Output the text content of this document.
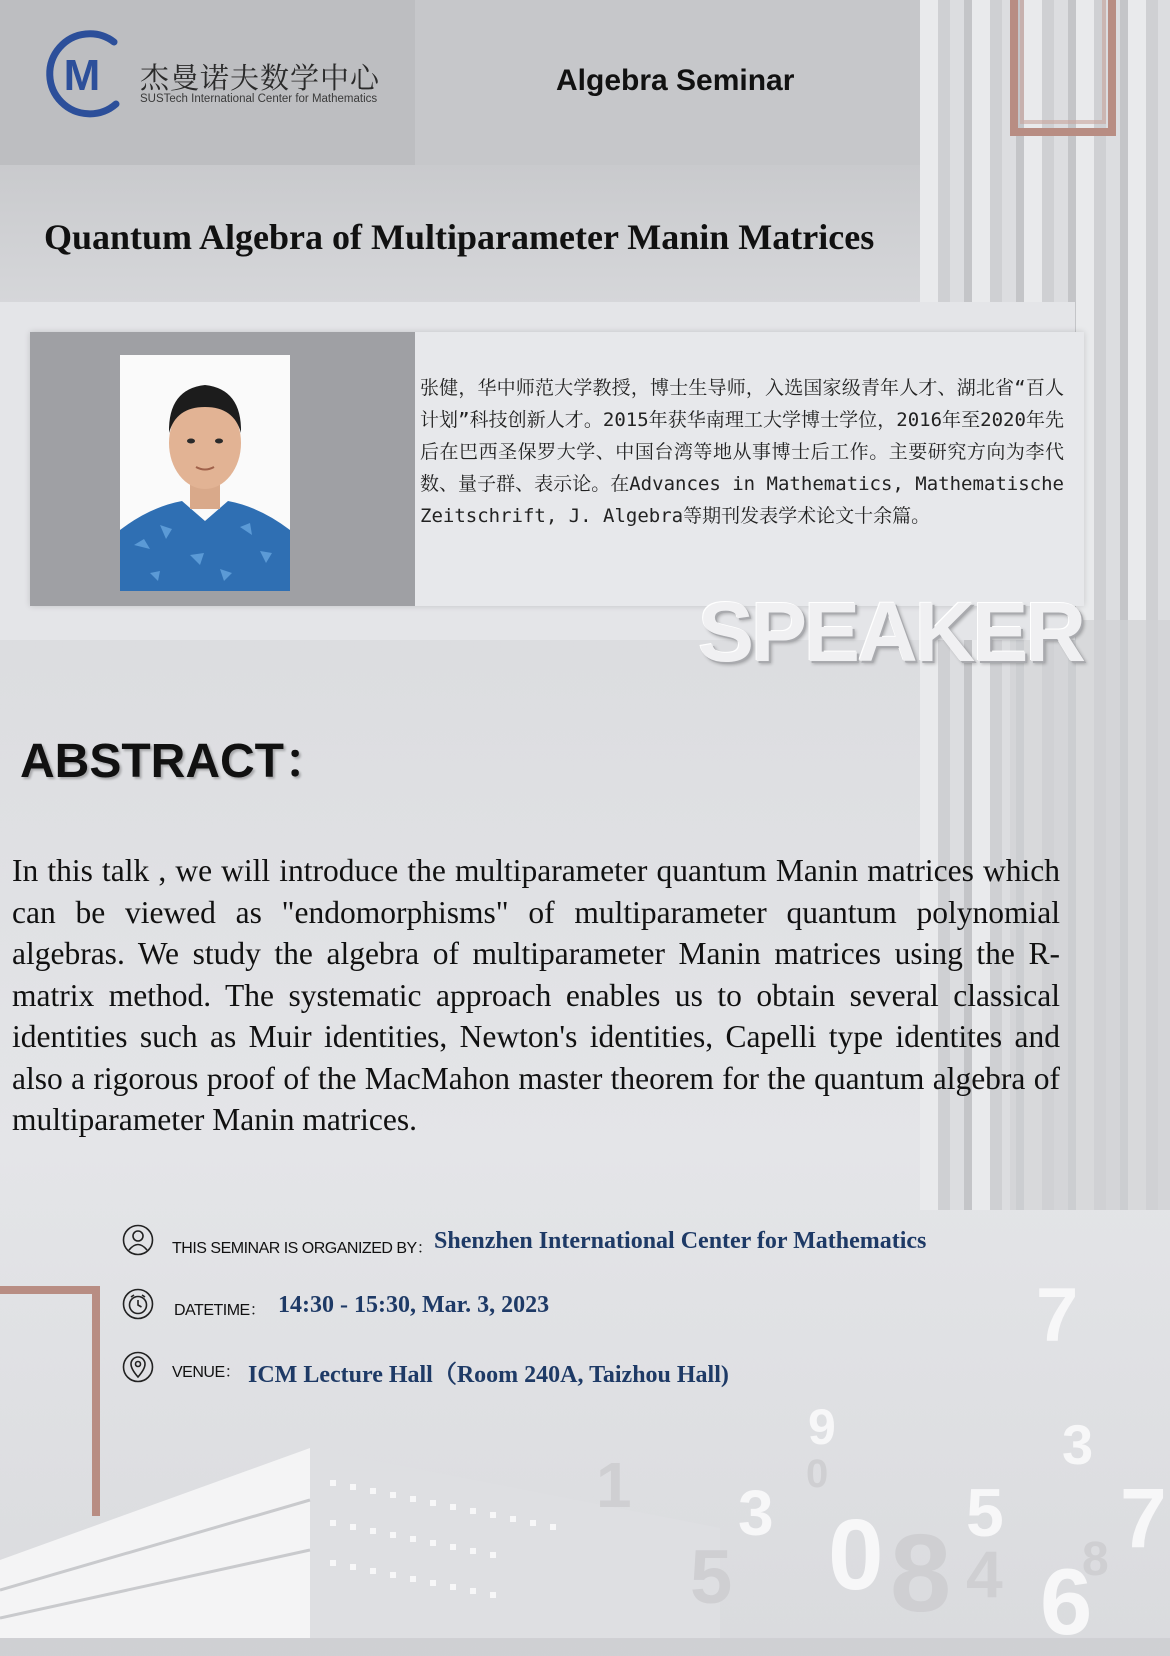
M 杰曼诺夫数学中心
SUSTech International Center for Mathematics
Algebra Seminar
Quantum Algebra of Multiparameter Manin Matrices
张健，华中师范大学教授，博士生导师，入选国家级青年人才、湖北省“百人计划”科技创新人才。2015年获华南理工大学博士学位，2016年至2020年先后在巴西圣保罗大学、中国台湾等地从事博士后工作。主要研究方向为李代数、量子群、表示论。在Advances in Mathematics, Mathematische Zeitschrift, J. Algebra等期刊发表学术论文十余篇。
SPEAKER
ABSTRACT：
In this talk , we will introduce the multiparameter quantum Manin matrices which can be viewed as "endomorphisms" of multiparameter quantum polynomial algebras. We study the algebra of multiparameter Manin matrices using the R-matrix method. The systematic approach enables us to obtain several classical identities such as Muir identities, Newton's identities, Capelli type identites and also a rigorous proof of the MacMahon master theorem for the quantum algebra of multiparameter Manin matrices.
THIS SEMINAR IS ORGANIZED BY： Shenzhen International Center for Mathematics
DATETIME： 14:30 - 15:30, Mar. 3, 2023
VENUE： ICM Lecture Hall（Room 240A, Taizhou Hall)
7
9	3
1	0
3 0 5 7
6
8 4
5	8
